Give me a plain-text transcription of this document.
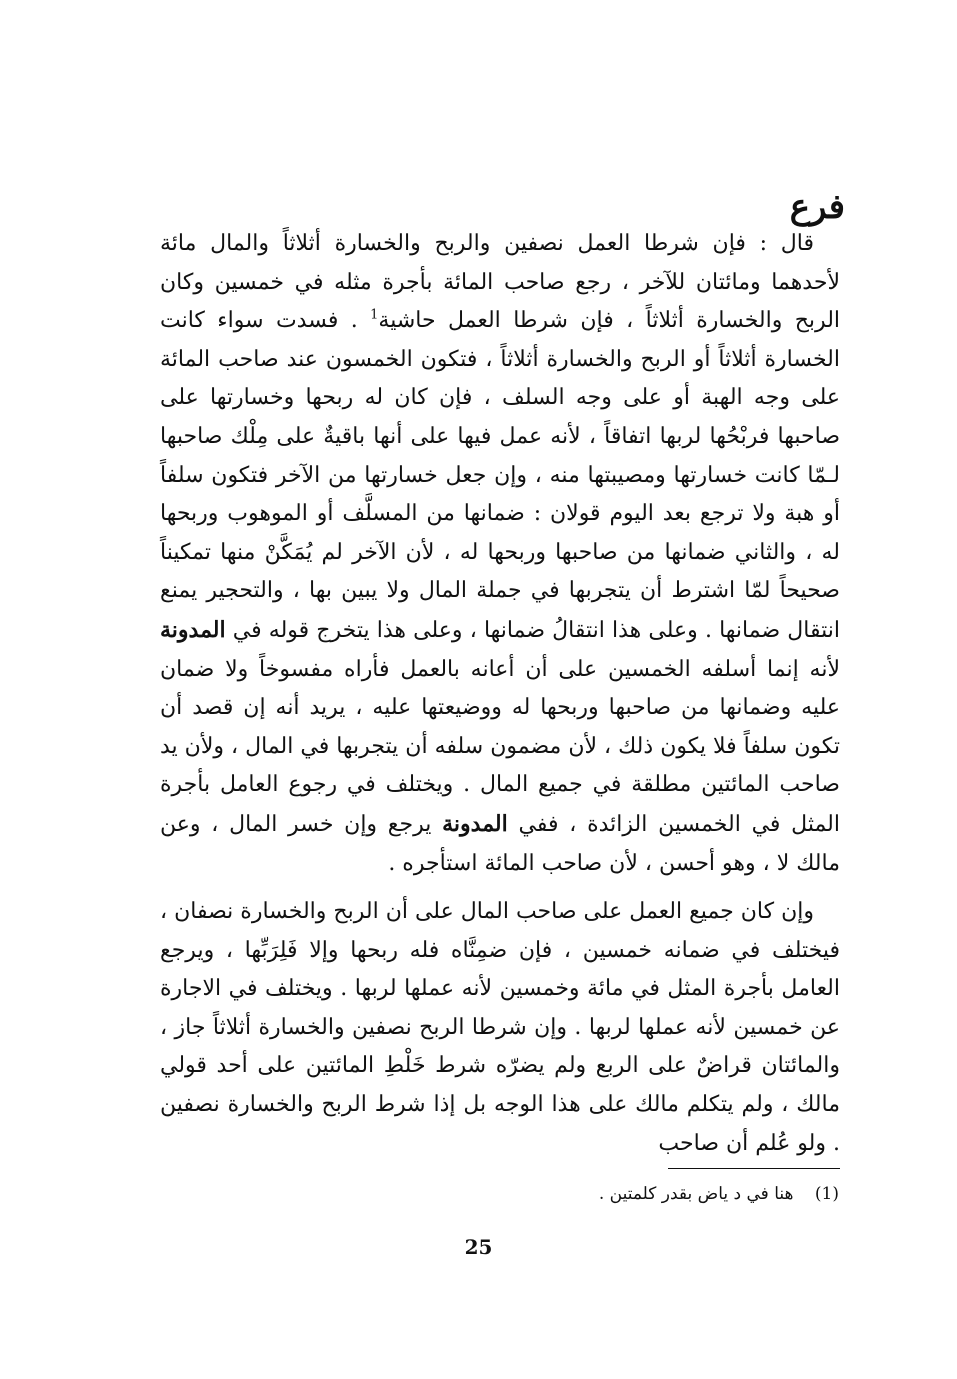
فرع

قال : فإن شرطا العمل نصفين والربح والخسارة أثلاثاً والمال مائة لأحدهما ومائتان للآخر ، رجع صاحب المائة بأجرة مثله في خمسين وكان الربح والخسارة أثلاثاً ، فإن شرطا العمل حاشية$^1$ . فسدت سواء كانت الخسارة أثلاثاً أو الربح والخسارة أثلاثاً ، فتكون الخمسون عند صاحب المائة على وجه الهبة أو على وجه السلف ، فإن كان له ربحها وخسارتها على صاحبها فربْحُها لربها اتفاقاً ، لأنه عمل فيها على أنها باقيةٌ على مِلْك صاحبها لـمّا كانت خسارتها ومصيبتها منه ، وإن جعل خسارتها من الآخر فتكون سلفاً أو هبة ولا ترجع بعد اليوم قولان : ضمانها من المسلَّف أو الموهوب وربحها له ، والثاني ضمانها من صاحبها وربحها له ، لأن الآخر لم يُمَكَّنْ منها تمكيناً صحيحاً لمّا اشترط أن يتجربها في جملة المال ولا يبين بها ، والتحجير يمنع انتقال ضمانها . وعلى هذا انتقالُ ضمانها ، وعلى هذا يتخرج قوله في المدونة لأنه إنما أسلفه الخمسين على أن أعانه بالعمل فأراه مفسوخاً ولا ضمان عليه وضمانها من صاحبها وربحها له ووضيعتها عليه ، يريد أنه إن قصد أن تكون سلفاً فلا يكون ذلك ، لأن مضمون سلفه أن يتجربها في المال ، ولأن يد صاحب المائتين مطلقة في جميع المال . ويختلف في رجوع العامل بأجرة المثل في الخمسين الزائدة ، ففي المدونة يرجع وإن خسر المال ، وعن مالك لا ، وهو أحسن ، لأن صاحب المائة استأجره .

وإن كان جميع العمل على صاحب المال على أن الربح والخسارة نصفان ، فيختلف في ضمانه خمسين ، فإن ضمِنَّاه فله ربحها وإلا فَلِرَبِّها ، ويرجع العامل بأجرة المثل في مائة وخمسين لأنه عملها لربها . ويختلف في الاجارة عن خمسين لأنه عملها لربها . وإن شرطا الربح نصفين والخسارة أثلاثاً جاز ، والمائتان قراضٌ على الربع ولم يضرّه شرط خَلْطِ المائتين على أحد قولي مالك ، ولم يتكلم مالك على هذا الوجه بل إذا شرط الربح والخسارة نصفين . ولو عُلم أن صاحب

(1) هنا في د ياض بقدر كلمتين .
25
